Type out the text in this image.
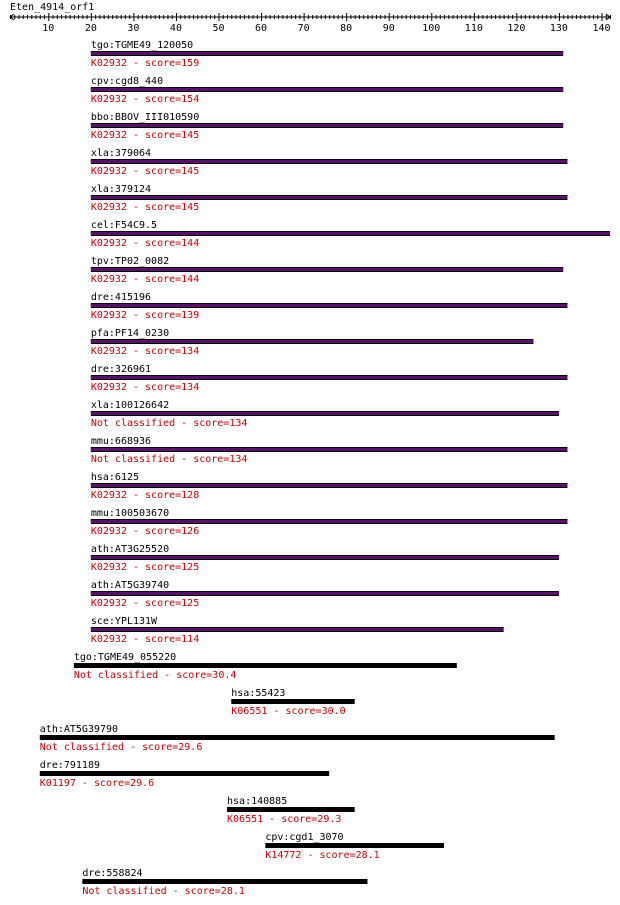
Eten_4914_orf1
10	20	30	40	50	60	70	80	90	100 110 120 130 140
tgo:TGME49_120050
K02932 - score=159
cpv:cgd8_440
K02932 - score=154
bbo:BBOV_III010590
K02932 - score=145
xla:379064
K02932 - score=145
xla:379124
K02932 - score=145
cel:F54C9.5
K02932 - score=144
tpv:TP02_0082
K02932 - score=144
dre:415196
K02932 - score=139
pfa:PF14_0230
K02932 - score=134
dre:326961
K02932 - score=134
xla:100126642
Not classified - score=134
mmu:668936
Not classified - score=134
hsa:6125
K02932 - score=128
mmu:100503670
K02932 - score=126
ath:AT3G25520
K02932 - score=125
ath:AT5G39740
K02932 - score=125
sce:YPL131W
K02932 - score=114
tgo:TGME49_055220
Not classified - score=30.4
hsa:55423
K06551 - score=30.0
ath:AT5G39790
Not classified - score=29.6
dre:791189
K01197 - score=29.6
hsa:140885
K06551 - score=29.3
cpv:cgd1_3070
K14772 - score=28.1
dre:558824
Not classified - score=28.1
